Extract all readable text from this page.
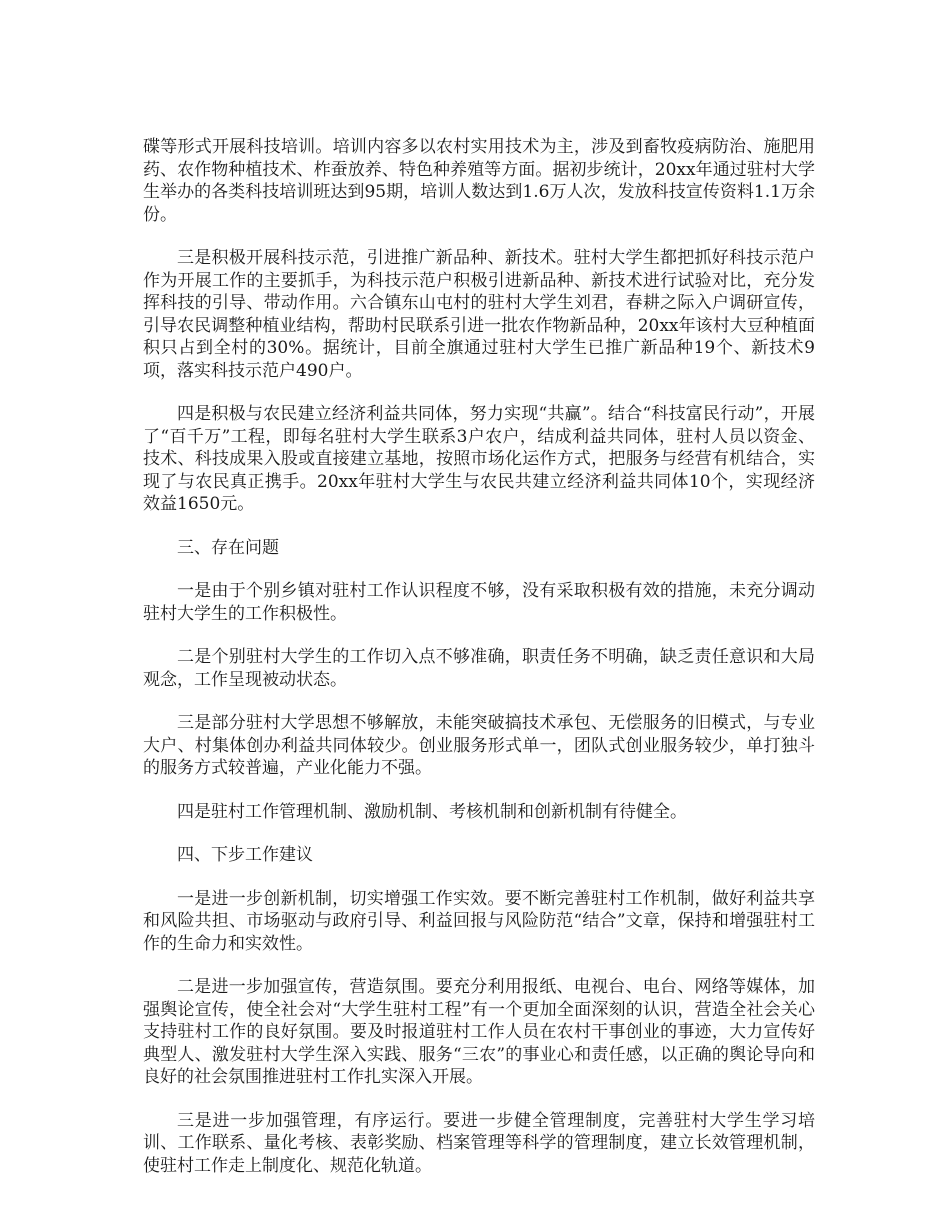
碟等形式开展科技培训。培训内容多以农村实用技术为主，涉及到畜牧疫病防治、施肥用药、农作物种植技术、柞蚕放养、特色种养殖等方面。据初步统计，20xx年通过驻村大学生举办的各类科技培训班达到95期，培训人数达到1.6万人次，发放科技宣传资料1.1万余份。

三是积极开展科技示范，引进推广新品种、新技术。驻村大学生都把抓好科技示范户作为开展工作的主要抓手，为科技示范户积极引进新品种、新技术进行试验对比，充分发挥科技的引导、带动作用。六合镇东山屯村的驻村大学生刘君，春耕之际入户调研宣传，引导农民调整种植业结构，帮助村民联系引进一批农作物新品种，20xx年该村大豆种植面积只占到全村的30%。据统计，目前全旗通过驻村大学生已推广新品种19个、新技术9项，落实科技示范户490户。

四是积极与农民建立经济利益共同体，努力实现“共赢”。结合“科技富民行动”，开展了“百千万”工程，即每名驻村大学生联系3户农户，结成利益共同体，驻村人员以资金、技术、科技成果入股或直接建立基地，按照市场化运作方式，把服务与经营有机结合，实现了与农民真正携手。20xx年驻村大学生与农民共建立经济利益共同体10个，实现经济效益1650元。

三、存在问题

一是由于个别乡镇对驻村工作认识程度不够，没有采取积极有效的措施，未充分调动驻村大学生的工作积极性。

二是个别驻村大学生的工作切入点不够准确，职责任务不明确，缺乏责任意识和大局观念，工作呈现被动状态。

三是部分驻村大学思想不够解放，未能突破搞技术承包、无偿服务的旧模式，与专业大户、村集体创办利益共同体较少。创业服务形式单一，团队式创业服务较少，单打独斗的服务方式较普遍，产业化能力不强。

四是驻村工作管理机制、激励机制、考核机制和创新机制有待健全。

四、下步工作建议

一是进一步创新机制，切实增强工作实效。要不断完善驻村工作机制，做好利益共享和风险共担、市场驱动与政府引导、利益回报与风险防范“结合”文章，保持和增强驻村工作的生命力和实效性。

二是进一步加强宣传，营造氛围。要充分利用报纸、电视台、电台、网络等媒体，加强舆论宣传，使全社会对“大学生驻村工程”有一个更加全面深刻的认识，营造全社会关心支持驻村工作的良好氛围。要及时报道驻村工作人员在农村干事创业的事迹，大力宣传好典型人、激发驻村大学生深入实践、服务“三农”的事业心和责任感，以正确的舆论导向和良好的社会氛围推进驻村工作扎实深入开展。

三是进一步加强管理，有序运行。要进一步健全管理制度，完善驻村大学生学习培训、工作联系、量化考核、表彰奖励、档案管理等科学的管理制度，建立长效管理机制，使驻村工作走上制度化、规范化轨道。
